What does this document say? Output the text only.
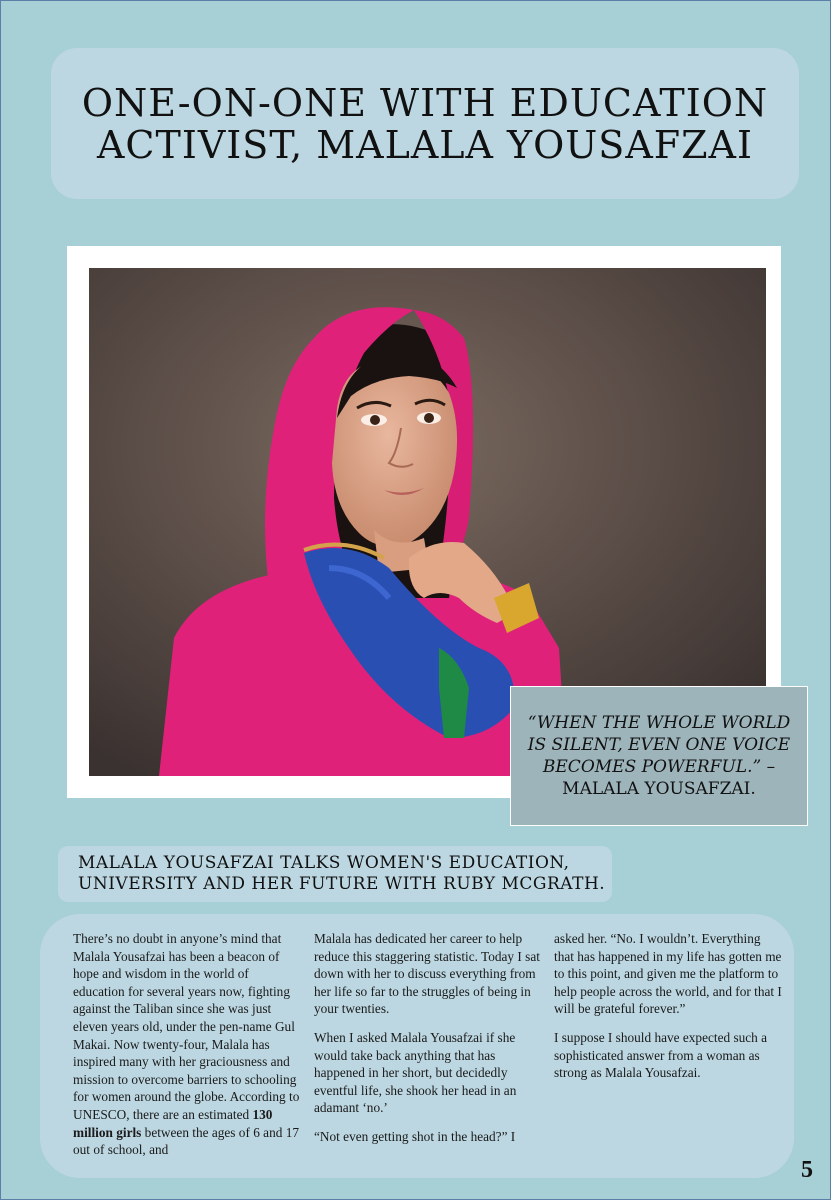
ONE-ON-ONE WITH EDUCATION ACTIVIST, MALALA YOUSAFZAI

“WHEN THE WHOLE WORLD IS SILENT, EVEN ONE VOICE BECOMES POWERFUL.” – MALALA YOUSAFZAI.

MALALA YOUSAFZAI TALKS WOMEN'S EDUCATION, UNIVERSITY AND HER FUTURE WITH RUBY MCGRATH.

There’s no doubt in anyone’s mind that Malala Yousafzai has been a beacon of hope and wisdom in the world of education for several years now, fighting against the Taliban since she was just eleven years old, under the pen-name Gul Makai. Now twenty-four, Malala has inspired many with her graciousness and mission to overcome barriers to schooling for women around the globe. According to UNESCO, there are an estimated 130 million girls between the ages of 6 and 17 out of school, and

Malala has dedicated her career to help reduce this staggering statistic. Today I sat down with her to discuss everything from her life so far to the struggles of being in your twenties.

When I asked Malala Yousafzai if she would take back anything that has happened in her short, but decidedly eventful life, she shook her head in an adamant ‘no.’

“Not even getting shot in the head?” I

asked her. “No. I wouldn’t. Everything that has happened in my life has gotten me to this point, and given me the platform to help people across the world, and for that I will be grateful forever.”

I suppose I should have expected such a sophisticated answer from a woman as strong as Malala Yousafzai.

5
